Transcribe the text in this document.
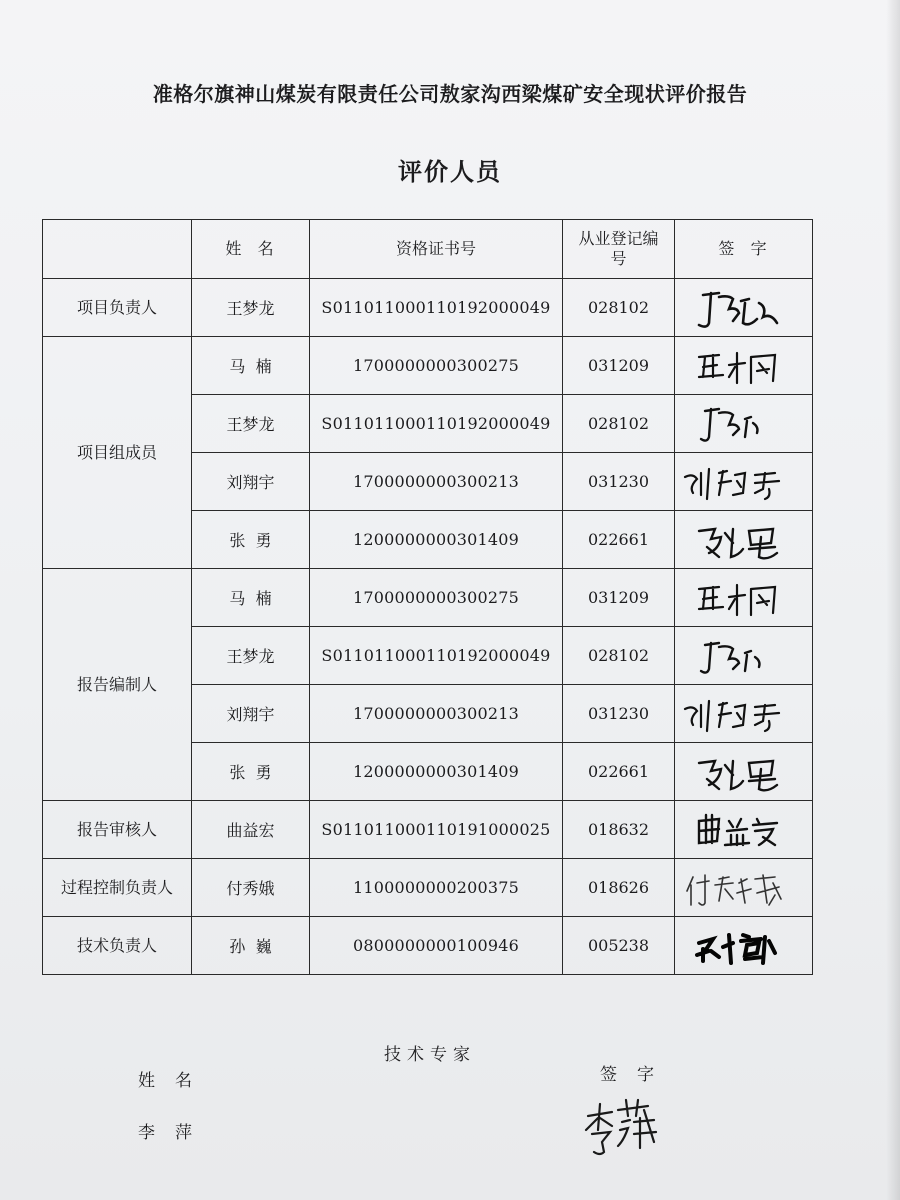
准格尔旗神山煤炭有限责任公司敖家沟西梁煤矿安全现状评价报告
评价人员
	姓  名	资格证书号	从业登记编号	签  字
项目负责人	王梦龙	S011011000110192000049	028102	

项目组成员	马  楠	1700000000300275	031209	

	王梦龙	S011011000110192000049	028102	

	刘翔宇	1700000000300213	031230	

	张  勇	1200000000301409	022661	

报告编制人	马  楠	1700000000300275	031209	

	王梦龙	S011011000110192000049	028102	

	刘翔宇	1700000000300213	031230	

	张  勇	1200000000301409	022661	

报告审核人	曲益宏	S011011000110191000025	018632	

过程控制负责人	付秀娥	1100000000200375	018626	

技术负责人	孙  巍	0800000000100946	005238	
技术专家
姓名	签字
李萍
